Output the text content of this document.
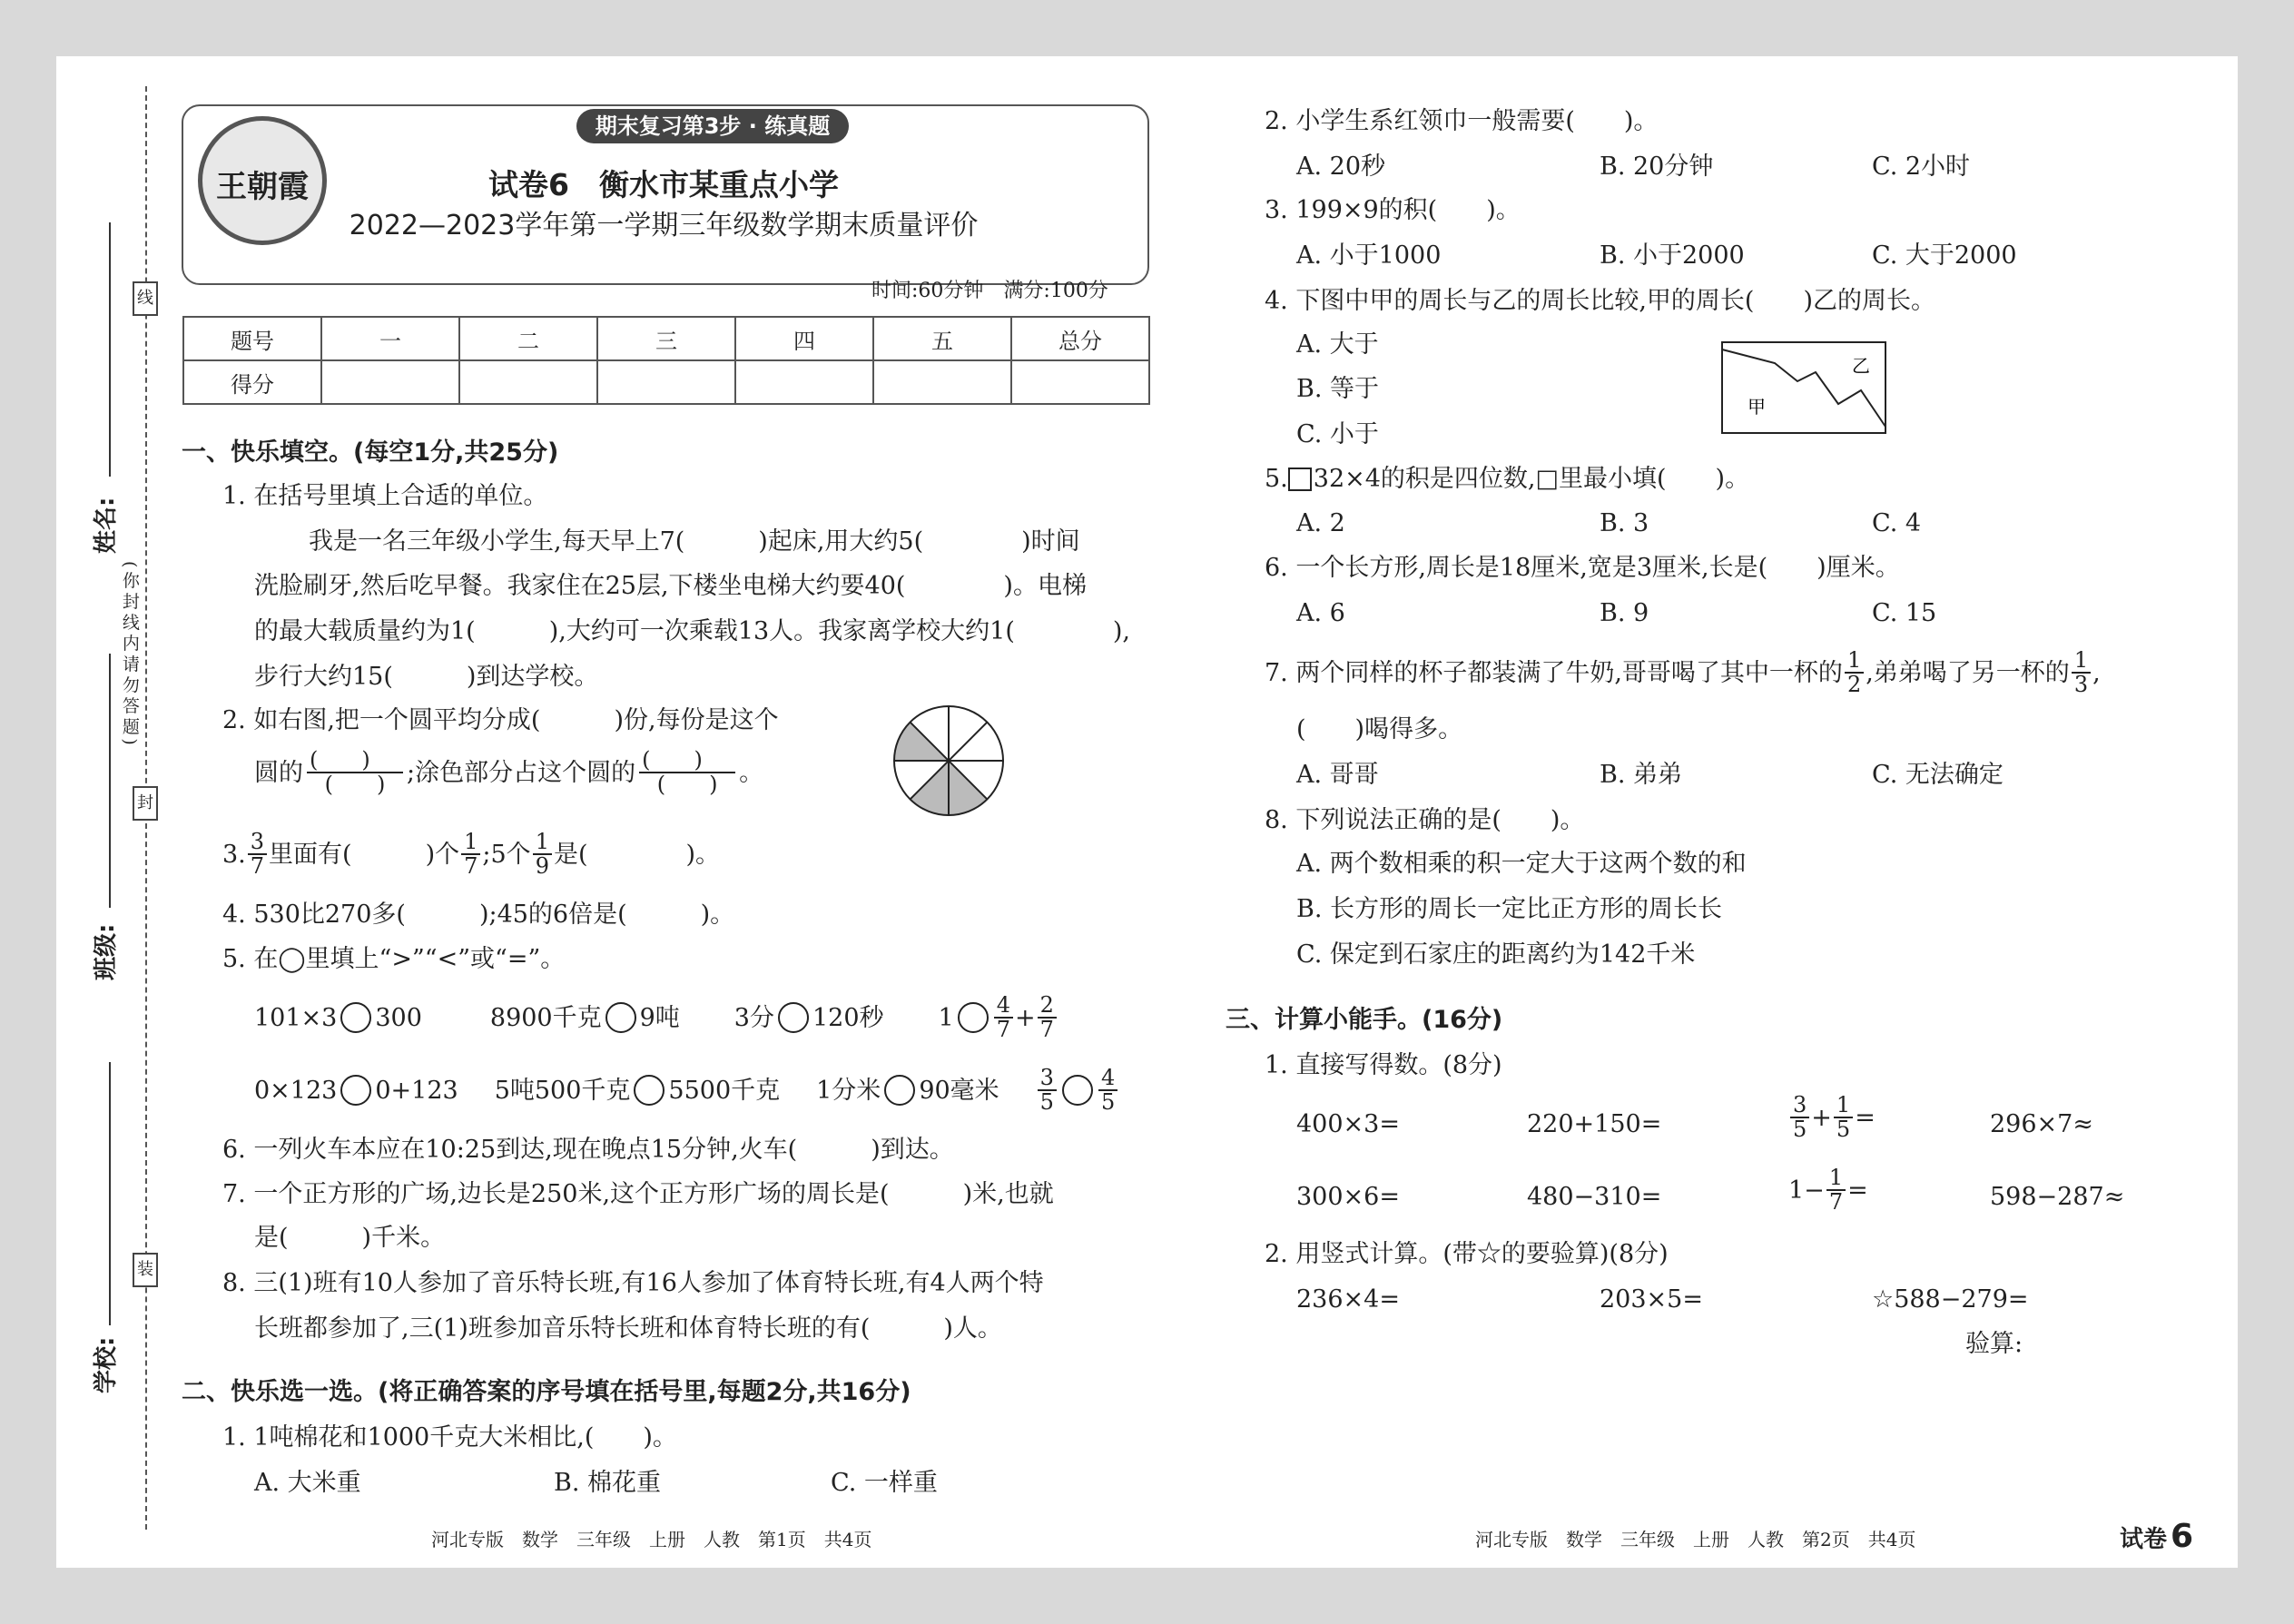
线
封
装
(你封线内请勿答题)
姓名:
班级:
学校:
王朝霞
期末复习第3步 · 练真题
试卷6　衡水市某重点小学
2022—2023学年第一学期三年级数学期末质量评价
时间:60分钟　满分:100分
题号	一	二	三	四	五	总分
得分						
一、快乐填空。(每空1分,共25分)
1. 在括号里填上合适的单位。
我是一名三年级小学生,每天早上7(　　　)起床,用大约5(　　　　)时间
洗脸刷牙,然后吃早餐。我家住在25层,下楼坐电梯大约要40(　　　　)。电梯
的最大载质量约为1(　　　),大约可一次乘载13人。我家离学校大约1(　　　　),
步行大约15(　　　)到达学校。
2. 如右图,把一个圆平均分成(　　　)份,每份是这个
圆的 $\frac{( )}{( )}$ ;涂色部分占这个圆的 $\frac{( )}{( )}$ 。
3. $\frac{3}{7}$ 里面有(　　　)个 $\frac{1}{7}$ ;5个 $\frac{1}{9}$ 是(　　　　)。
4. 530比270多(　　　);45的6倍是(　　　)。
5. 在◯里填上“>”“<”或“=”。
101×3 300	8900千克 9吨 3分 120秒 $1 \frac{4}{7} + \frac{2}{7}$
0×123 0+123 5吨500千克 5500千克 1分米 90毫米 $\frac{3}{5} \frac{4}{5}$
6. 一列火车本应在10:25到达,现在晚点15分钟,火车(　　　)到达。
7. 一个正方形的广场,边长是250米,这个正方形广场的周长是(　　　)米,也就
是(　　　)千米。
8. 三(1)班有10人参加了音乐特长班,有16人参加了体育特长班,有4人两个特
长班都参加了,三(1)班参加音乐特长班和体育特长班的有(　　　)人。
二、快乐选一选。(将正确答案的序号填在括号里,每题2分,共16分)
1. 1吨棉花和1000千克大米相比,(　　)。
A. 大米重	B. 棉花重	C. 一样重
河北专版　数学　三年级　上册　人教　第1页　共4页
2. 小学生系红领巾一般需要(　　)。
A. 20秒	B. 20分钟	C. 2小时
3. 199×9的积(　　)。
A. 小于1000	B. 小于2000	C. 大于2000
4. 下图中甲的周长与乙的周长比较,甲的周长(　　)乙的周长。
A. 大于
B. 等于
C. 小于
甲
乙
5. 32×4的积是四位数,□里最小填(　　)。
A. 2	B. 3	C. 4
6. 一个长方形,周长是18厘米,宽是3厘米,长是(　　)厘米。
A. 6	B. 9	C. 15
7. 两个同样的杯子都装满了牛奶,哥哥喝了其中一杯的 $\frac{1}{2}$ ,弟弟喝了另一杯的 $\frac{1}{3}$ ,
(　　)喝得多。
A. 哥哥	B. 弟弟	C. 无法确定
8. 下列说法正确的是(　　)。
A. 两个数相乘的积一定大于这两个数的和
B. 长方形的周长一定比正方形的周长长
C. 保定到石家庄的距离约为142千米
三、计算小能手。(16分)
1. 直接写得数。(8分)
400×3=	220+150=	$\frac{3}{5} + \frac{1}{5}$ =	296×7≈
300×6=	480−310=	$1- \frac{1}{7}$ =	598−287≈
2. 用竖式计算。(带☆的要验算)(8分)
236×4=	203×5=	☆588−279=
验算:
河北专版　数学　三年级　上册　人教　第2页　共4页	试卷 6
